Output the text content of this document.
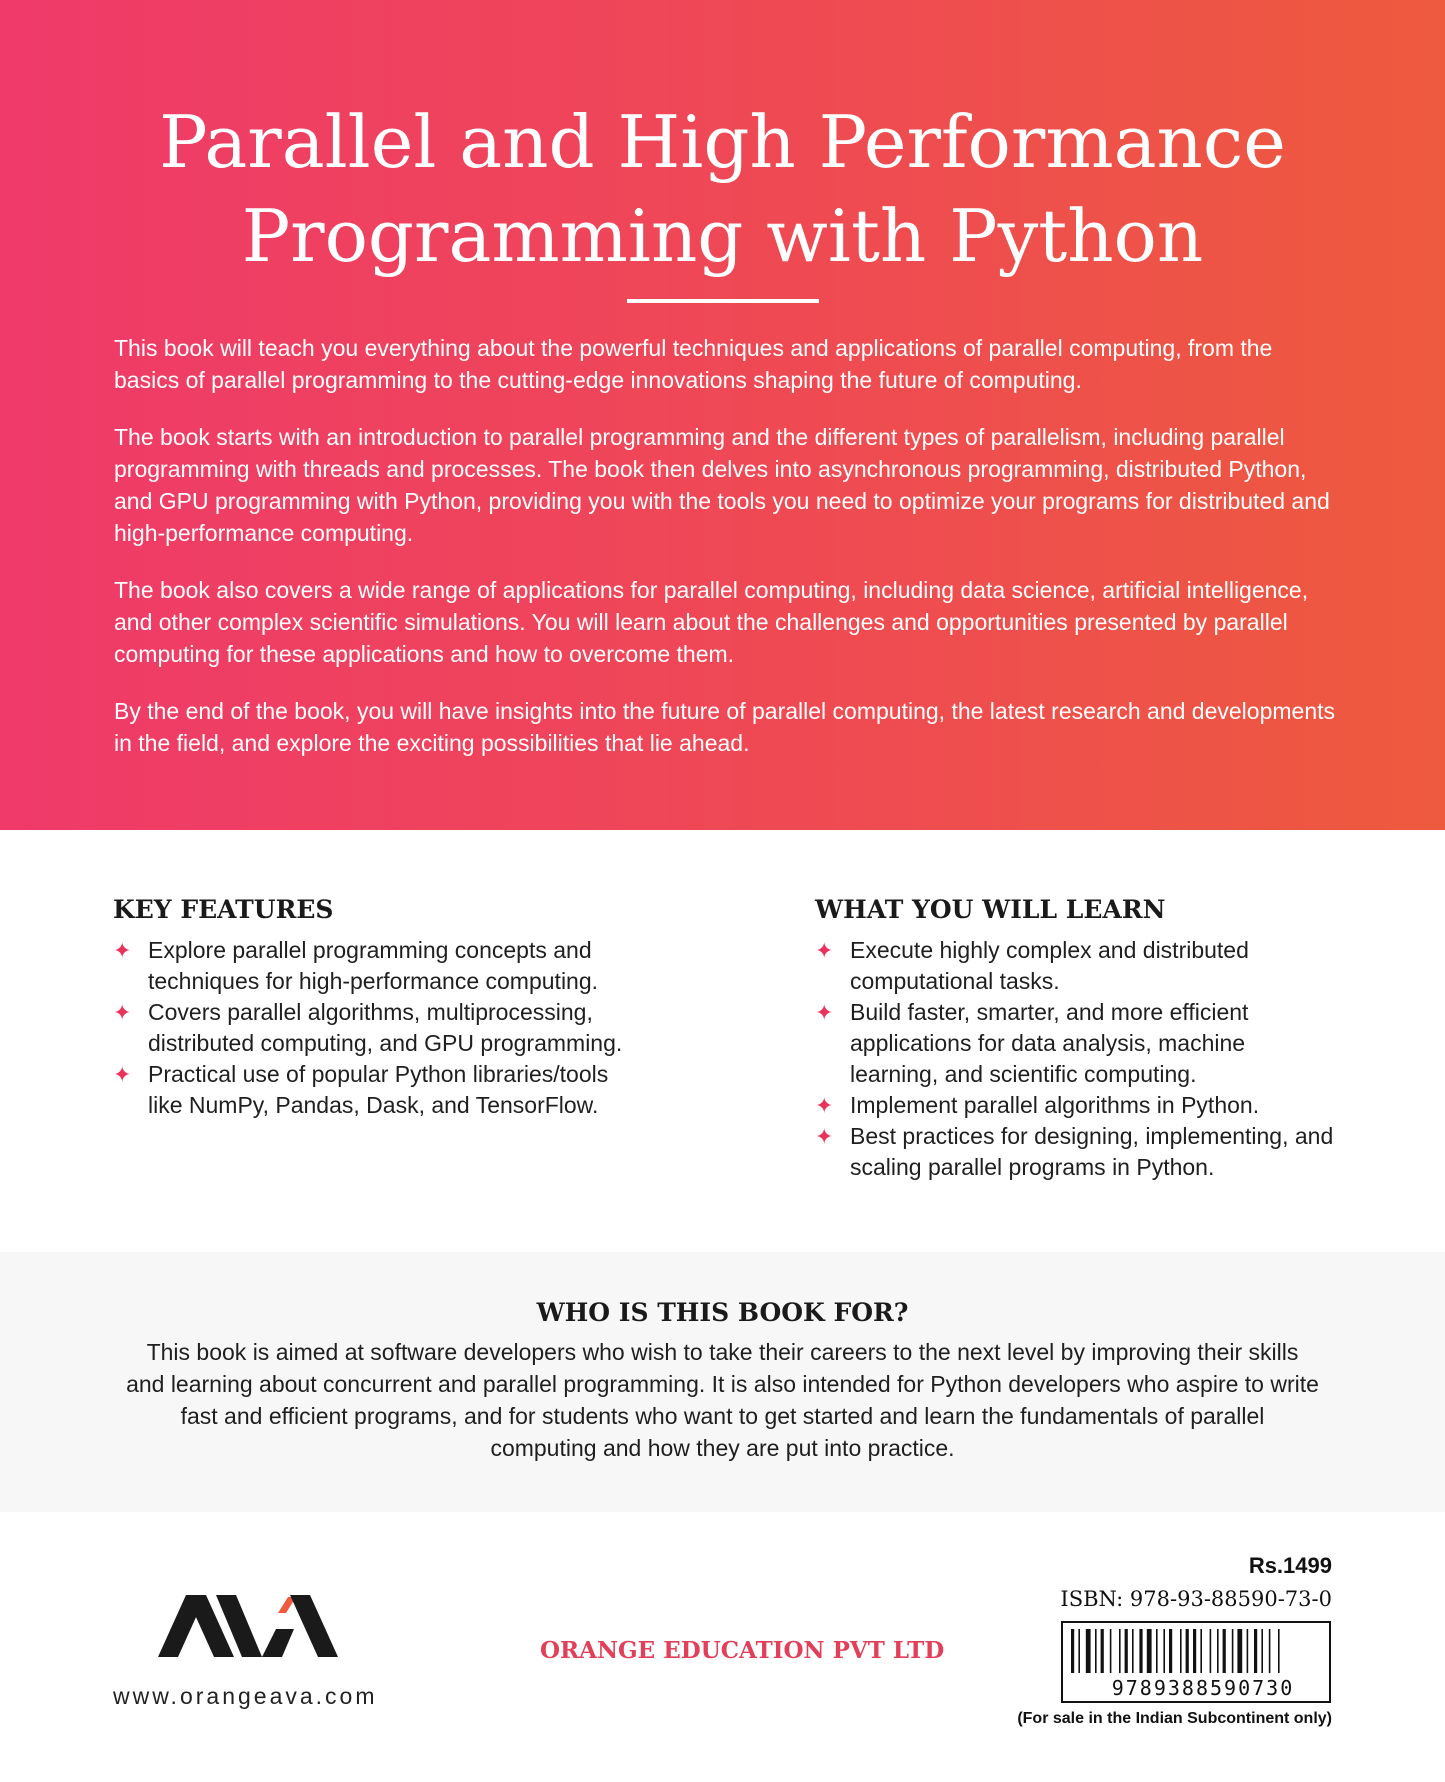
Parallel and High Performance
Programming with Python

This book will teach you everything about the powerful techniques and applications of parallel computing, from the basics of parallel programming to the cutting-edge innovations shaping the future of computing.

The book starts with an introduction to parallel programming and the different types of parallelism, including parallel programming with threads and processes. The book then delves into asynchronous programming, distributed Python, and GPU programming with Python, providing you with the tools you need to optimize your programs for distributed and high-performance computing.

The book also covers a wide range of applications for parallel computing, including data science, artificial intelligence, and other complex scientific simulations. You will learn about the challenges and opportunities presented by parallel computing for these applications and how to overcome them.

By the end of the book, you will have insights into the future of parallel computing, the latest research and developments in the field, and explore the exciting possibilities that lie ahead.

KEY FEATURES
✦ Explore parallel programming concepts and techniques for high-performance computing.
✦ Covers parallel algorithms, multiprocessing, distributed computing, and GPU programming.
✦ Practical use of popular Python libraries/tools like NumPy, Pandas, Dask, and TensorFlow.
WHAT YOU WILL LEARN
✦ Execute highly complex and distributed computational tasks.
✦ Build faster, smarter, and more efficient applications for data analysis, machine learning, and scientific computing.
✦ Implement parallel algorithms in Python.
✦ Best practices for designing, implementing, and scaling parallel programs in Python.
WHO IS THIS BOOK FOR?

This book is aimed at software developers who wish to take their careers to the next level by improving their skills and learning about concurrent and parallel programming. It is also intended for Python developers who aspire to write fast and efficient programs, and for students who want to get started and learn the fundamentals of parallel computing and how they are put into practice.

www.orangeava.com

ORANGE EDUCATION PVT LTD

Rs.1499

ISBN: 978-93-88590-73-0

9789388590730

(For sale in the Indian Subcontinent only)
